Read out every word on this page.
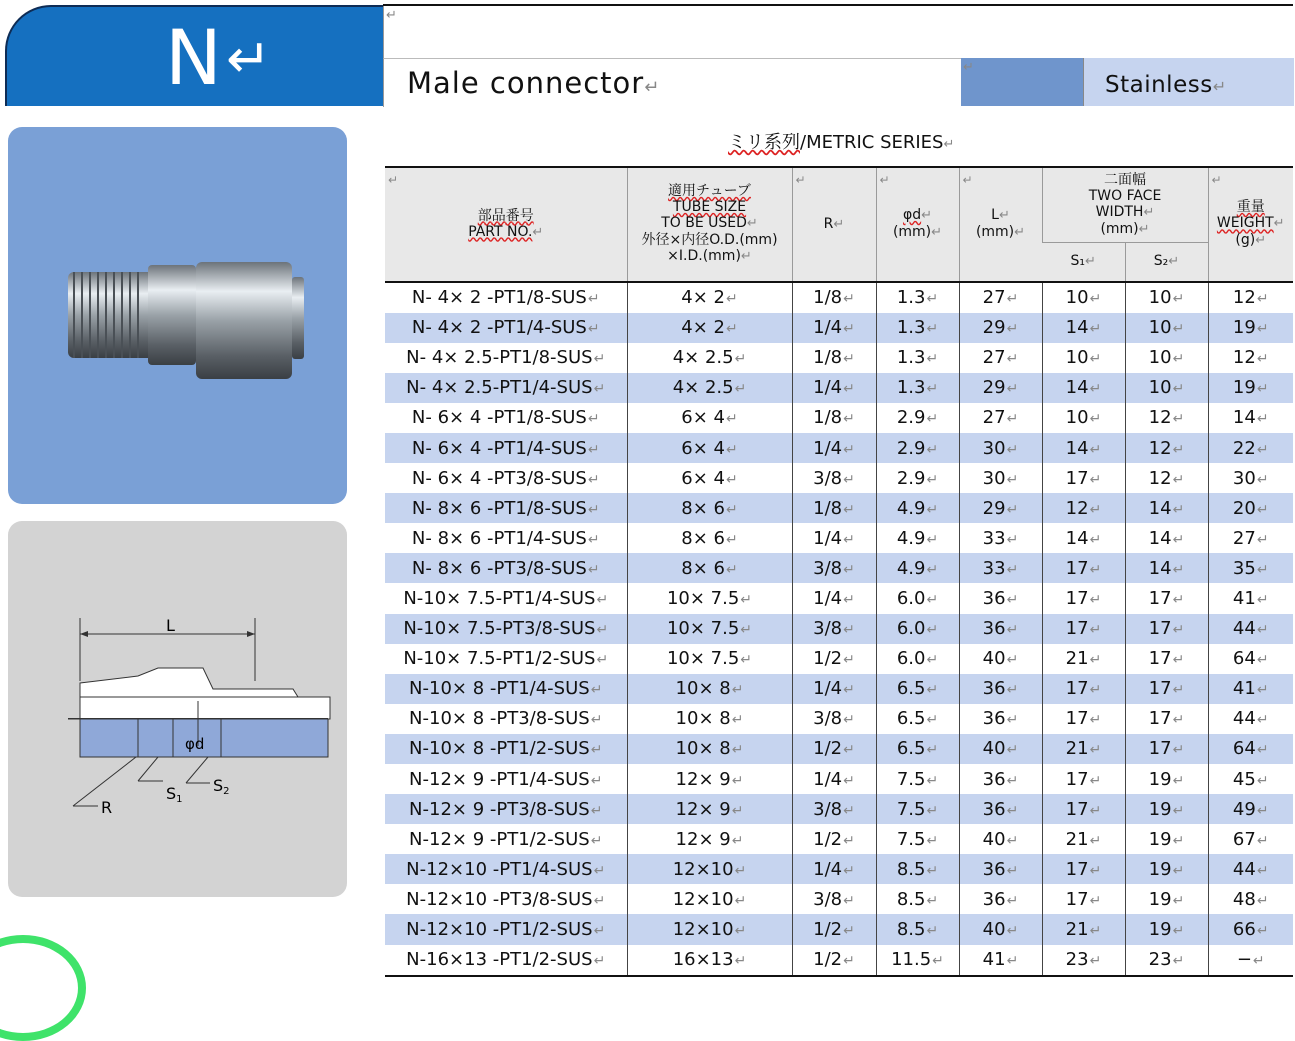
N ↵
↵
Male connector↵
↵
Stainless↵
L
φd
R
S1
S2
ミリ系列/METRIC SERIES↵
↵
部品番号
PART NO.↵	適用チューブ
TUBE SIZE
TO BE USED↵
外径×内径O.D.(mm)
×I.D.(mm)↵	↵
R↵	↵
φd↵
(mm)↵	↵
L↵
(mm)↵	二面幅
TWO FACE
WIDTH↵
(mm)↵		↵
重量
WEIGHT↵
(g)↵
					S₁↵	S₂↵	
N- 4× 2 -PT1/8-SUS↵	4× 2↵	1/8↵	1.3↵	27↵	10↵	10↵	12↵
N- 4× 2 -PT1/4-SUS↵	4× 2↵	1/4↵	1.3↵	29↵	14↵	10↵	19↵
N- 4× 2.5-PT1/8-SUS↵	4× 2.5↵	1/8↵	1.3↵	27↵	10↵	10↵	12↵
N- 4× 2.5-PT1/4-SUS↵	4× 2.5↵	1/4↵	1.3↵	29↵	14↵	10↵	19↵
N- 6× 4 -PT1/8-SUS↵	6× 4↵	1/8↵	2.9↵	27↵	10↵	12↵	14↵
N- 6× 4 -PT1/4-SUS↵	6× 4↵	1/4↵	2.9↵	30↵	14↵	12↵	22↵
N- 6× 4 -PT3/8-SUS↵	6× 4↵	3/8↵	2.9↵	30↵	17↵	12↵	30↵
N- 8× 6 -PT1/8-SUS↵	8× 6↵	1/8↵	4.9↵	29↵	12↵	14↵	20↵
N- 8× 6 -PT1/4-SUS↵	8× 6↵	1/4↵	4.9↵	33↵	14↵	14↵	27↵
N- 8× 6 -PT3/8-SUS↵	8× 6↵	3/8↵	4.9↵	33↵	17↵	14↵	35↵
N-10× 7.5-PT1/4-SUS↵	10× 7.5↵	1/4↵	6.0↵	36↵	17↵	17↵	41↵
N-10× 7.5-PT3/8-SUS↵	10× 7.5↵	3/8↵	6.0↵	36↵	17↵	17↵	44↵
N-10× 7.5-PT1/2-SUS↵	10× 7.5↵	1/2↵	6.0↵	40↵	21↵	17↵	64↵
N-10× 8 -PT1/4-SUS↵	10× 8↵	1/4↵	6.5↵	36↵	17↵	17↵	41↵
N-10× 8 -PT3/8-SUS↵	10× 8↵	3/8↵	6.5↵	36↵	17↵	17↵	44↵
N-10× 8 -PT1/2-SUS↵	10× 8↵	1/2↵	6.5↵	40↵	21↵	17↵	64↵
N-12× 9 -PT1/4-SUS↵	12× 9↵	1/4↵	7.5↵	36↵	17↵	19↵	45↵
N-12× 9 -PT3/8-SUS↵	12× 9↵	3/8↵	7.5↵	36↵	17↵	19↵	49↵
N-12× 9 -PT1/2-SUS↵	12× 9↵	1/2↵	7.5↵	40↵	21↵	19↵	67↵
N-12×10 -PT1/4-SUS↵	12×10↵	1/4↵	8.5↵	36↵	17↵	19↵	44↵
N-12×10 -PT3/8-SUS↵	12×10↵	3/8↵	8.5↵	36↵	17↵	19↵	48↵
N-12×10 -PT1/2-SUS↵	12×10↵	1/2↵	8.5↵	40↵	21↵	19↵	66↵
N-16×13 -PT1/2-SUS↵	16×13↵	1/2↵	11.5↵	41↵	23↵	23↵	−↵
